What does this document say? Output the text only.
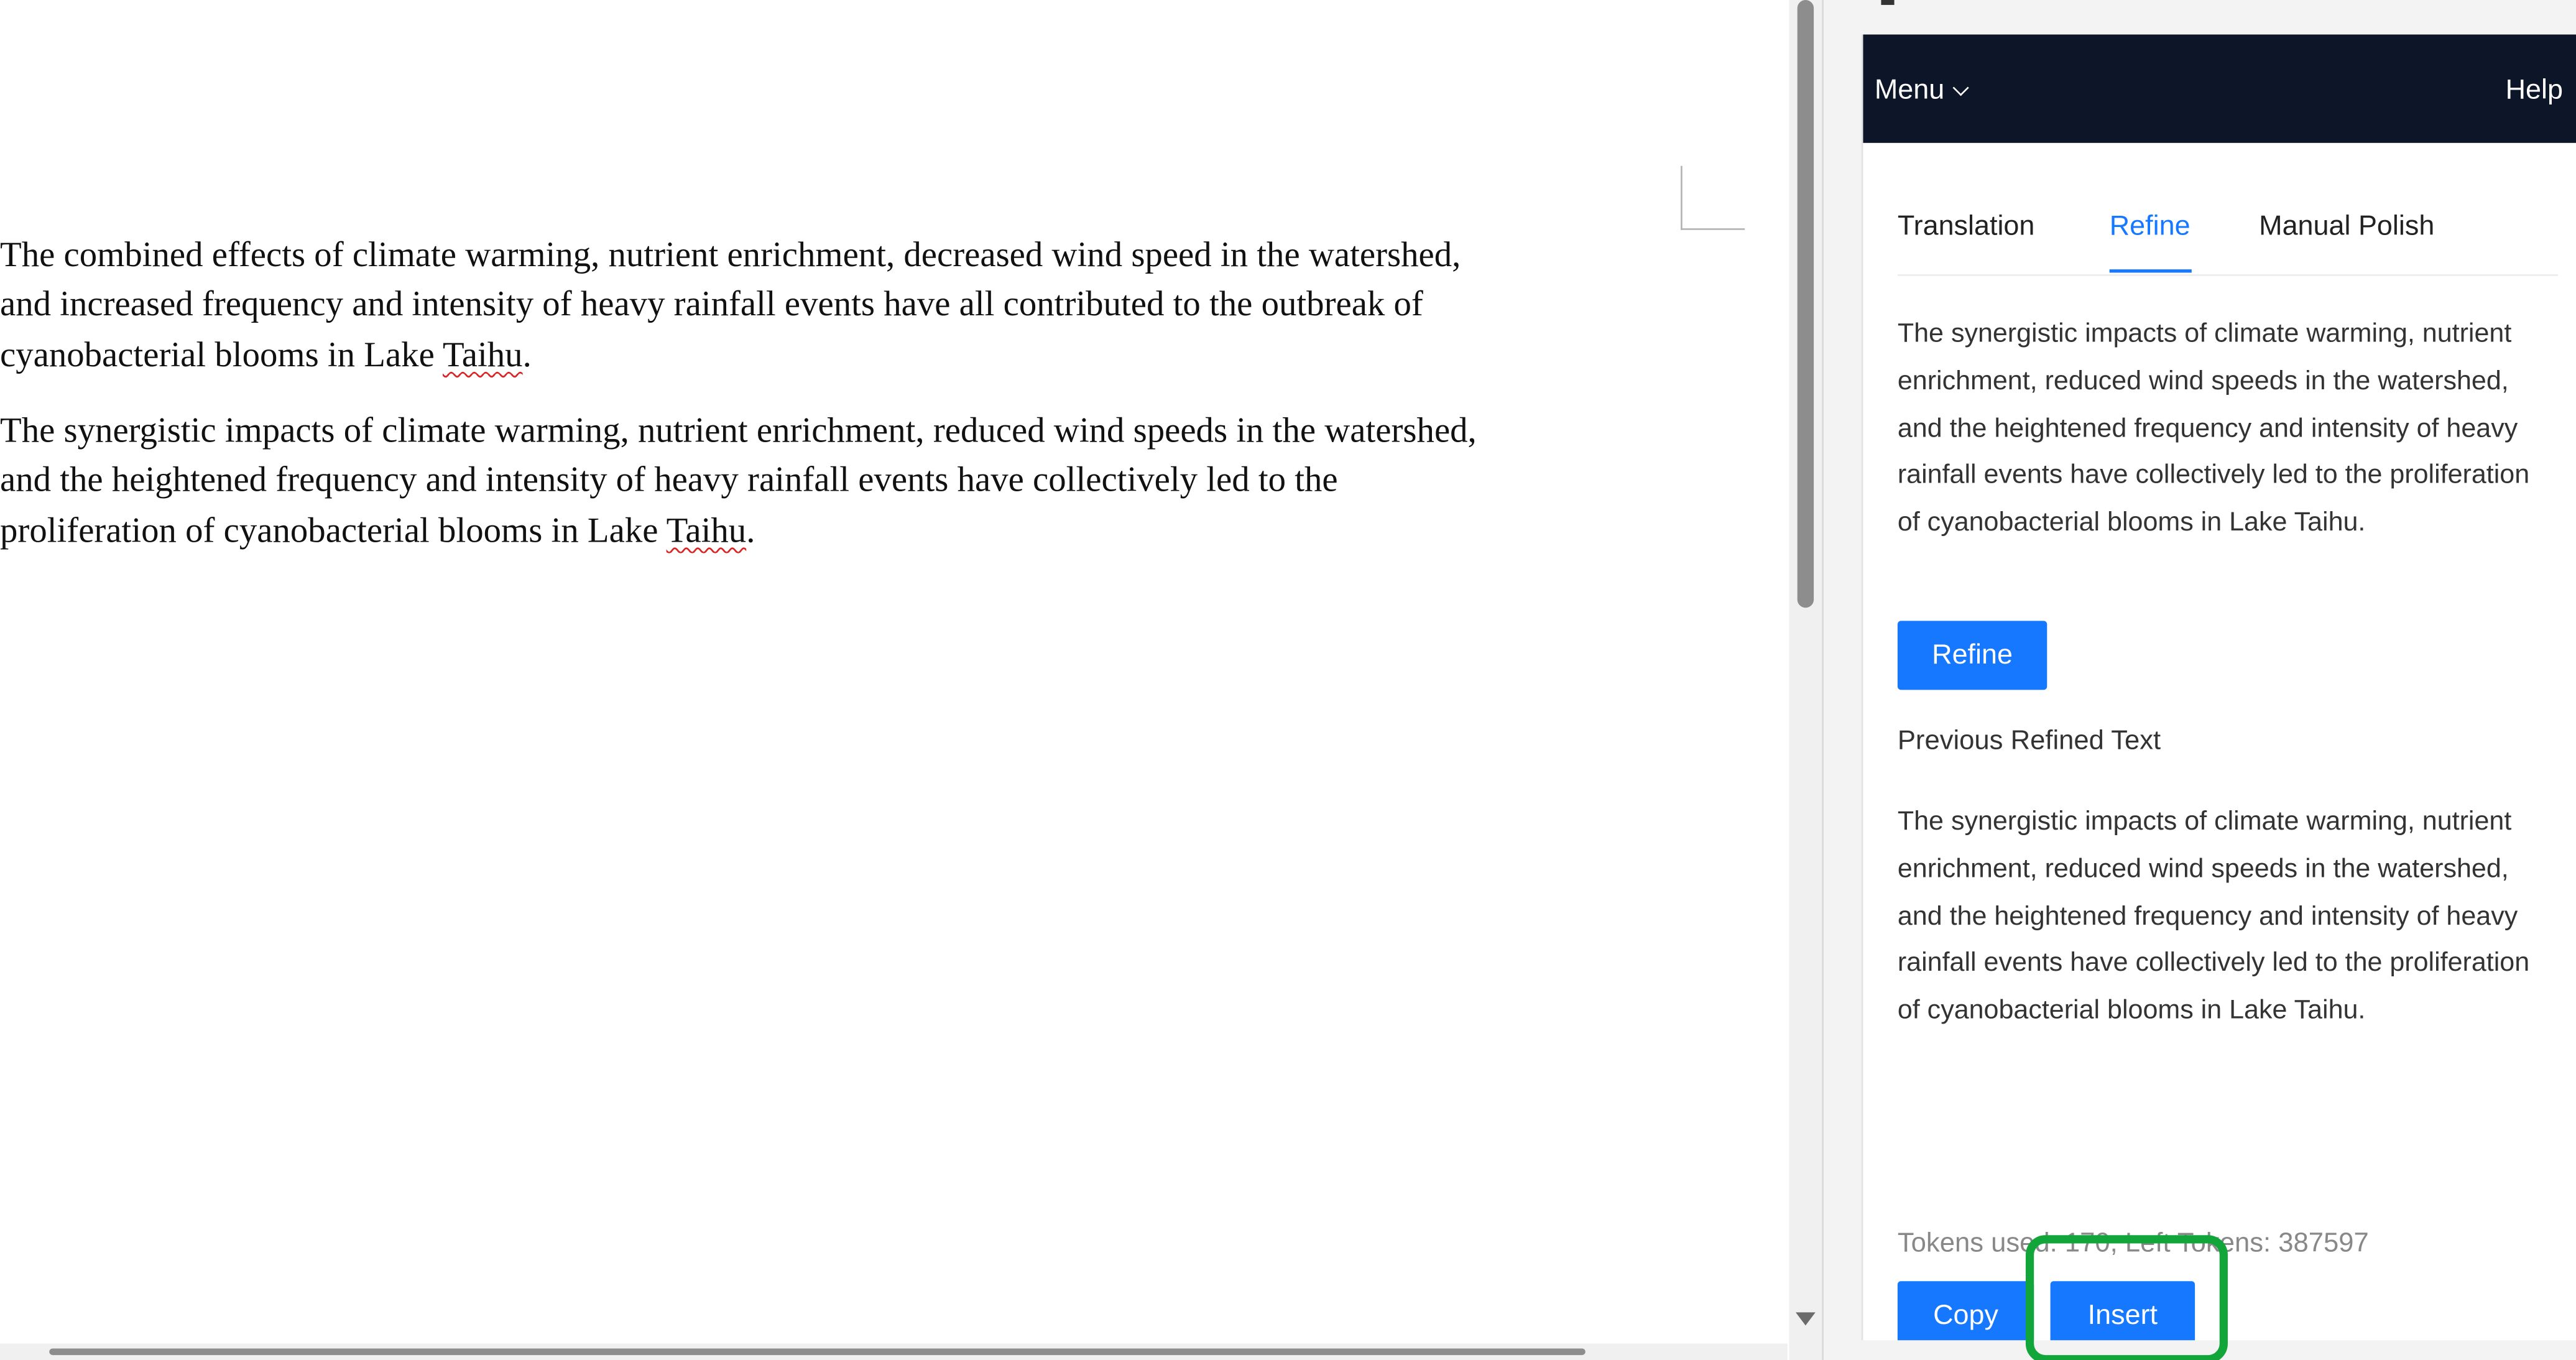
The combined effects of climate warming, nutrient enrichment, decreased wind speed in the watershed,
and increased frequency and intensity of heavy rainfall events have all contributed to the outbreak of
cyanobacterial blooms in Lake Taihu.

The synergistic impacts of climate warming, nutrient enrichment, reduced wind speeds in the watershed,
and the heightened frequency and intensity of heavy rainfall events have collectively led to the
proliferation of cyanobacterial blooms in Lake Taihu.

Menu	Help
Translation	Refine	Manual Polish

The synergistic impacts of climate warming, nutrient enrichment, reduced wind speeds in the watershed, and the heightened frequency and intensity of heavy rainfall events have collectively led to the proliferation of cyanobacterial blooms in Lake Taihu.

Refine
Previous Refined Text

The synergistic impacts of climate warming, nutrient enrichment, reduced wind speeds in the watershed, and the heightened frequency and intensity of heavy rainfall events have collectively led to the proliferation of cyanobacterial blooms in Lake Taihu.

Tokens used: 170, Left Tokens: 387597
Copy	Insert
